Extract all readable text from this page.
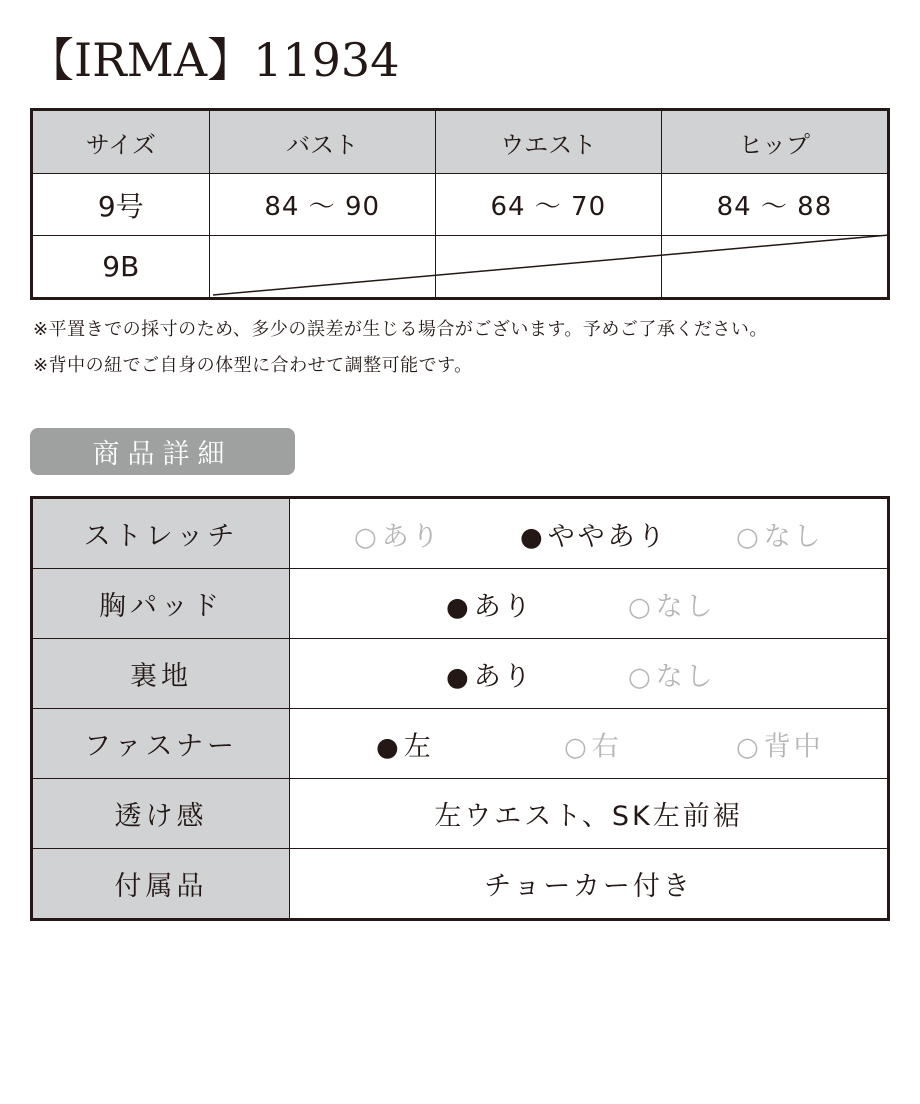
【IRMA】11934
サイズ	バスト	ウエスト	ヒップ
9号	84 ～ 90	64 ～ 70	84 ～ 88
9B			

※平置きでの採寸のため、多少の誤差が生じる場合がございます。予めご了承ください。

※背中の紐でご自身の体型に合わせて調整可能です。

商品詳細
ストレッチ	○あり ●ややあり ○なし

胸パッド	●あり ○なし

裏地	●あり ○なし

ファスナー	●左 ○右 ○背中

透け感	左ウエスト、SK左前裾
付属品	チョーカー付き
